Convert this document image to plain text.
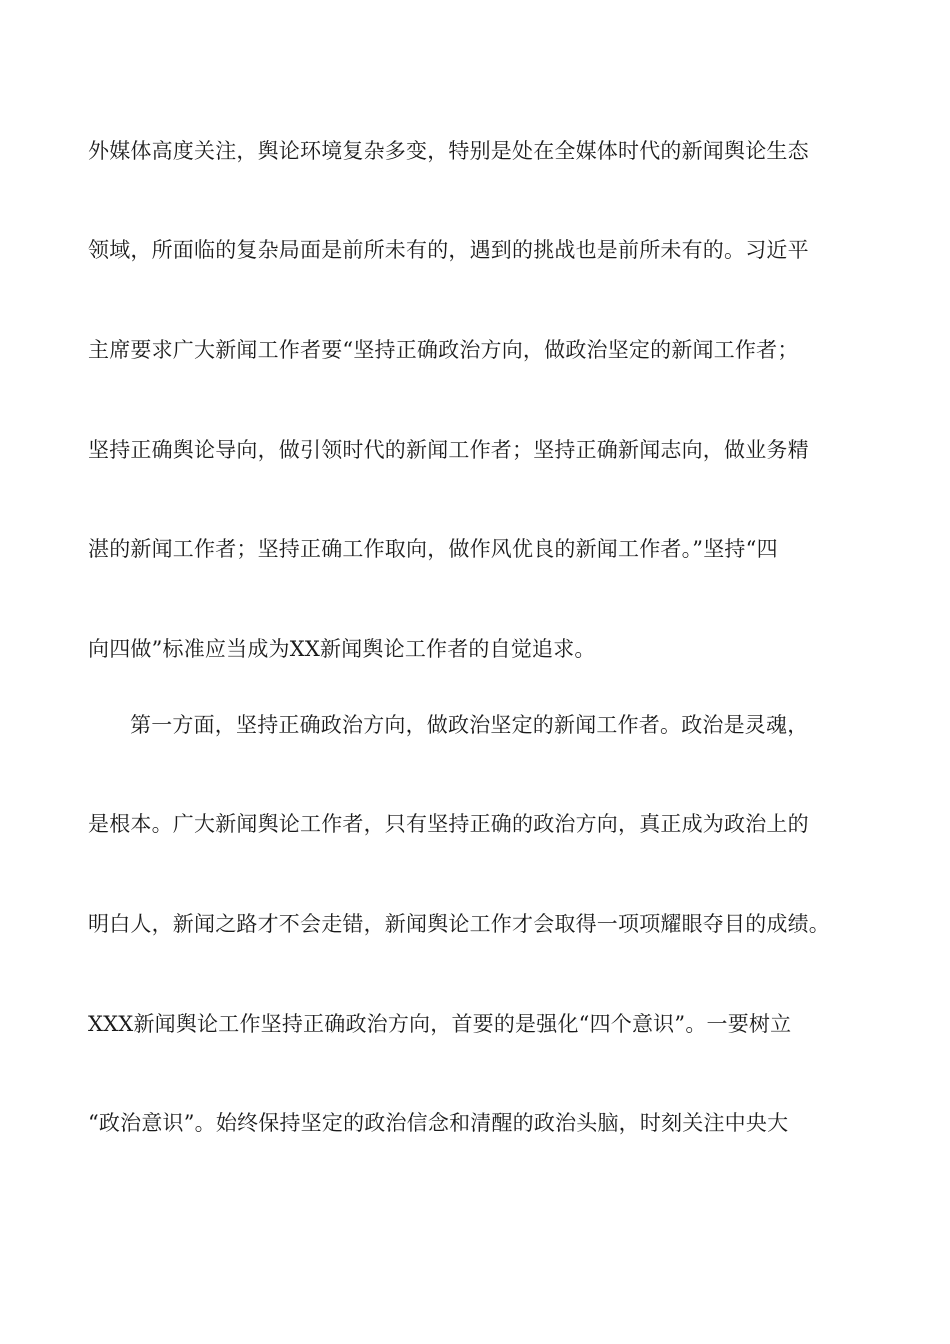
外媒体高度关注，舆论环境复杂多变，特别是处在全媒体时代的新闻舆论生态
领域，所面临的复杂局面是前所未有的，遇到的挑战也是前所未有的。习近平
主席要求广大新闻工作者要“坚持正确政治方向，做政治坚定的新闻工作者；
坚持正确舆论导向，做引领时代的新闻工作者；坚持正确新闻志向，做业务精
湛的新闻工作者；坚持正确工作取向，做作风优良的新闻工作者。”坚持“四
向四做”标准应当成为XX新闻舆论工作者的自觉追求。
第一方面，坚持正确政治方向，做政治坚定的新闻工作者。政治是灵魂，
是根本。广大新闻舆论工作者，只有坚持正确的政治方向，真正成为政治上的
明白人，新闻之路才不会走错，新闻舆论工作才会取得一项项耀眼夺目的成绩。
XXX新闻舆论工作坚持正确政治方向，首要的是强化“四个意识”。一要树立
“政治意识”。始终保持坚定的政治信念和清醒的政治头脑，时刻关注中央大
